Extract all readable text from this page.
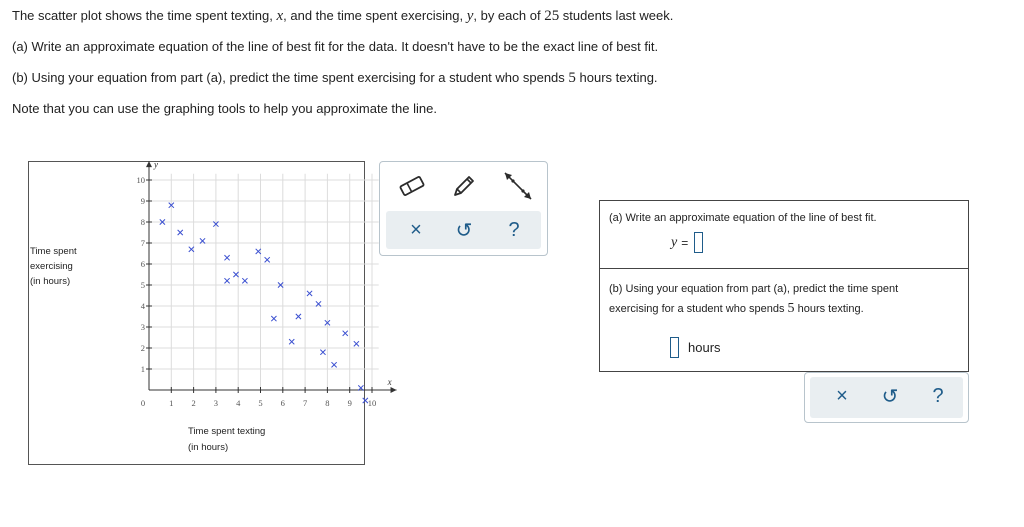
The scatter plot shows the time spent texting, x, and the time spent exercising, y, by each of 25 students last week.
(a) Write an approximate equation of the line of best fit for the data. It doesn't have to be the exact line of best fit.
(b) Using your equation from part (a), predict the time spent exercising for a student who spends 5 hours texting.
Note that you can use the graphing tools to help you approximate the line.
0	1 2 3 4 5 6 7 8 9 10
1
2
3
4
5
6
7
8
9
10
y
x
Time spent
exercising
(in hours)
Time spent texting
(in hours)
× ↺ ?
(a) Write an approximate equation of the line of best fit.
y =
(b) Using your equation from part (a), predict the time spent
exercising for a student who spends 5 hours texting.
hours
× ↺ ?
